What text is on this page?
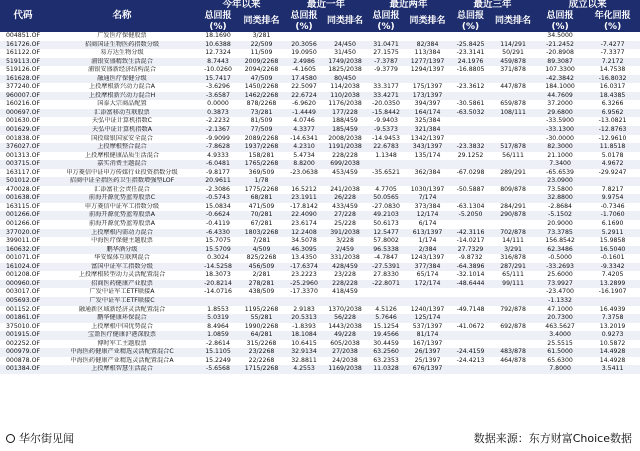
代码	名称	今年以来		最近一年		最近两年		最近三年		成立以来	
		总回报	同类排名	总回报	同类排名	总回报	同类排名	总回报	同类排名	总回报	年化回报
		(%)		(%)		(%)		(%)		(%)	(%)
004851.OF	广发医疗保健股票	18.1690	3/281							34.5000	
161726.OF	招商国证生物医药指数分级	10.6388	22/509	20.3056	24/450	31.0471	82/384	-25.8425	114/291	-21.2452	-7.4277
161122.OF	易方达生物分级	12.7324	11/509	19.0950	31/450	27.1575	113/384	-23.3141	50/291	-20.8908	-7.3377
519113.OF	浦银安盛精致生活混合	8.7443	2009/2268	2.4986	1749/2038	-7.3787	1277/1397	24.1976	459/878	89.3087	7.2172
519126.OF	浦银安盛新经济结构混合	-10.0260	2094/2268	-4.1605	1825/2038	-9.3779	1294/1397	-16.8805	371/878	107.3300	14.7538
161628.OF	融通医疗保健分级	15.7417	47/509	17.4580	80/450					-42.3842	-16.8032
377240.OF	上投摩根新兴动力混合A	-3.6296	1450/2268	22.5097	114/2038	33.3177	175/1397	-23.3612	447/878	184.1000	16.0317
960007.OF	上投摩根新兴动力混合H	-3.6587	1462/2268	22.6724	110/2038	33.4271	173/1397			44.7609	18.4385
160216.OF	国泰大宗商品配置	0.0000	878/2268	-6.9620	1176/2038	-20.0350	394/397	-30.5861	659/878	37.2000	6.3266
000697.OF	汇添富移动互联股票	0.3873	73/281	-1.4449	177/228	-15.8442	164/174	-63.5032	108/111	29.6800	6.9562
001630.OF	天弘中证计算机指数C	-2.2232	81/509	4.0746	188/459	-9.9403	325/384			-33.5900	-13.0821
001629.OF	天弘中证计算机指数A	-2.1367	77/509	4.3377	185/459	-9.5373	321/384			-33.1300	-12.8763
001838.OF	国投瑞银国家安全混合	-9.9099	2089/2268	-14.6341	2008/2038	-14.9453	1342/1397			-30.0000	-12.9610
376027.OF	上投摩根整合混合	-7.8628	1937/2268	4.2310	1191/2038	22.6783	343/1397	-23.3832	517/878	82.3000	11.8518
001313.OF	上投摩根健康品质生活混合	4.9333	158/281	5.4734	228/228	1.1348	135/174	29.1252	56/111	21.1000	5.0178
003715.OF	嘉实消费主题混合	-6.0481	1765/2268	8.8200	699/2038					7.3400	4.9672
163117.OF	申万菱信中证申万传媒行业投资指数分级	-9.8177	369/509	-23.0638	453/459	-35.6521	362/384	-67.0298	289/291	-65.6539	-29.9247
501012.OF	招商中证全指医药卫生指数增强型LOF	20.9611	1/78							23.0900	
470028.OF	汇添富社会责任混合	-2.3086	1775/2268	16.5212	241/2038	4.7705	1030/1397	-50.5887	809/878	73.5800	7.8217
001638.OF	前海开源优势蓝筹股票C	-0.5743	68/281	23.1911	26/228	50.0565	7/174			32.8800	9.9754
163115.OF	申万菱信中证军工指数分级	15.0834	471/509	-17.8142	433/459	-27.0830	373/384	-63.1304	284/291	-2.8684	-0.7346
001266.OF	前海开源优势蓝筹股票A	-0.6624	70/281	22.4090	27/228	49.2103	12/174	-5.2050	290/878	-5.1502	-1.7060
001266.OF	前海开源优势蓝筹股票A	-0.4119	67/281	23.6174	25/228	50.6173	6/174			20.9000	6.1690
377020.OF	上投摩根内需动力混合	-6.4330	1803/2268	12.2408	391/2038	12.5477	613/1397	-42.3116	702/878	73.3785	5.2911
399011.OF	中海医疗保健主题股票	15.7075	7/281	34.5078	3/228	57.8002	1/174	-14.0217	14/111	156.8542	15.9858
160632.OF	鹏华酒分级	15.5709	4/509	46.3095	2/459	96.5338	2/384	27.7329	3/291	62.3486	16.5040
001071.OF	华安媒体互联网混合	0.3024	825/2268	13.4350	331/2038	-4.7847	1243/1397	-9.8732	316/878	-0.5000	-0.1601
161024.OF	富国中证军工指数分级	-14.5258	456/509	-17.6374	428/459	-27.5391	377/384	-64.3896	287/291	-33.2693	-9.3342
001208.OF	上投摩根转型动力灵活配置混合	18.3073	2/281	23.2223	23/228	27.8330	65/174	-32.1014	65/111	25.6000	7.4205
000960.OF	招商医药健康产业股票	-20.8214	278/281	-25.2960	228/228	-22.8071	172/174	-48.6444	99/111	73.9927	13.2899
003017.OF	广发中证军工ETF联接A	-14.0716	438/509	-17.3370	418/459					-23.4700	-16.1907
005693.OF	广发中证军工ETF联接C									-1.1332	
001152.OF	融通新区域新经济灵活配置混合	1.8553	1195/2268	2.9183	1370/2038	4.5126	1240/1397	-49.7148	792/878	47.1000	16.4939
001861.OF	鹏华健康环保混合	5.0319	55/281	20.5313	56/228	5.7646	125/174			20.7300	7.3758
375010.OF	上投摩根中国优势混合	8.4964	1990/2268	-1.8393	1443/2038	15.1254	537/1397	-41.0672	692/878	463.5627	13.2019
001915.OF	宝盈医疗健康沪港深股票	1.0859	64/281	18.1084	49/228	19.4566	81/174			3.4000	0.9273
002252.OF	博时军工主题股票	-2.8614	315/2268	10.6415	605/2038	30.4459	167/1397			25.5515	10.5872
000979.OF	中海医药健康产业精选灵活配置混合C	15.1105	23/2268	32.9134	27/2038	63.2560	26/1397	-24.4159	483/878	61.5000	14.4928
000878.OF	中海医药健康产业精选灵活配置混合A	15.2249	22/2268	32.8811	24/2038	63.2353	25/1397	-24.4213	464/878	65.6300	14.4928
001384.OF	上投摩根智慧生活混合	-5.6568	1715/2268	4.2553	1169/2038	11.0328	676/1397			7.8000	3.5411
华尔街见闻	数据来源：东方财富Choice数据
